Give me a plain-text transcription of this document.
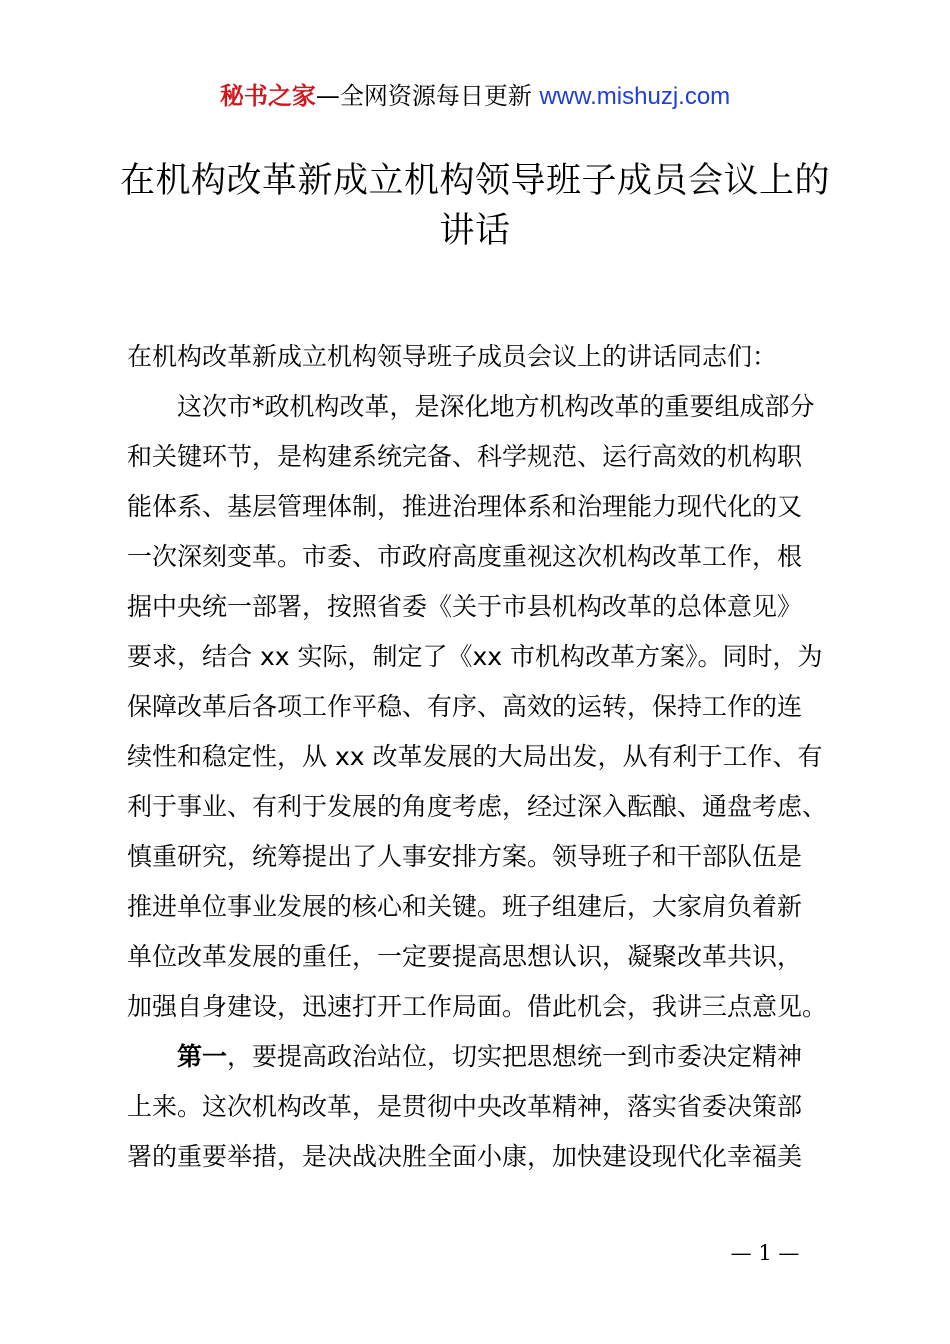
秘书之家—全网资源每日更新 www.mishuzj.com
在机构改革新成立机构领导班子成员会议上的
讲话
在机构改革新成立机构领导班子成员会议上的讲话同志们：
这次市*政机构改革，是深化地方机构改革的重要组成部分
和关键环节，是构建系统完备、科学规范、运行高效的机构职
能体系、基层管理体制，推进治理体系和治理能力现代化的又
一次深刻变革。市委、市政府高度重视这次机构改革工作，根
据中央统一部署，按照省委《关于市县机构改革的总体意见》
要求，结合 xx 实际，制定了《xx 市机构改革方案》。同时，为
保障改革后各项工作平稳、有序、高效的运转，保持工作的连
续性和稳定性，从 xx 改革发展的大局出发，从有利于工作、有
利于事业、有利于发展的角度考虑，经过深入酝酿、通盘考虑、
慎重研究，统筹提出了人事安排方案。领导班子和干部队伍是
推进单位事业发展的核心和关键。班子组建后，大家肩负着新
单位改革发展的重任，一定要提高思想认识，凝聚改革共识，
加强自身建设，迅速打开工作局面。借此机会，我讲三点意见。
第一，要提高政治站位，切实把思想统一到市委决定精神
上来。这次机构改革，是贯彻中央改革精神，落实省委决策部
署的重要举措，是决战决胜全面小康，加快建设现代化幸福美
— 1 —
